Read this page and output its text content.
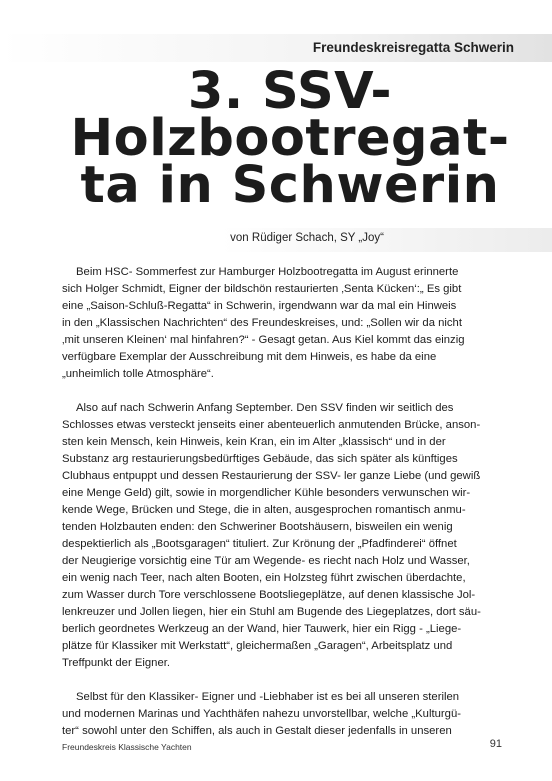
Freundeskreisregatta Schwerin
3. SSV-
Holzbootregat-
ta in Schwerin
von Rüdiger Schach, SY „Joy“

Beim HSC- Sommerfest zur Hamburger Holzbootregatta im August erinnerte
sich Holger Schmidt, Eigner der bildschön restaurierten ‚Senta Kücken‘:„ Es gibt
eine „Saison-Schluß-Regatta“ in Schwerin, irgendwann war da mal ein Hinweis
in den „Klassischen Nachrichten“ des Freundeskreises, und: „Sollen wir da nicht
‚mit unseren Kleinen‘ mal hinfahren?“ - Gesagt getan. Aus Kiel kommt das einzig
verfügbare Exemplar der Ausschreibung mit dem Hinweis, es habe da eine
„unheimlich tolle Atmosphäre“.

Also auf nach Schwerin Anfang September. Den SSV finden wir seitlich des
Schlosses etwas versteckt jenseits einer abenteuerlich anmutenden Brücke, anson-
sten kein Mensch, kein Hinweis, kein Kran, ein im Alter „klassisch“ und in der
Substanz arg restaurierungsbedürftiges Gebäude, das sich später als künftiges
Clubhaus entpuppt und dessen Restaurierung der SSV- ler ganze Liebe (und gewiß
eine Menge Geld) gilt, sowie in morgendlicher Kühle besonders verwunschen wir-
kende Wege, Brücken und Stege, die in alten, ausgesprochen romantisch anmu-
tenden Holzbauten enden: den Schweriner Bootshäusern, bisweilen ein wenig
despektierlich als „Bootsgaragen“ tituliert. Zur Krönung der „Pfadfinderei“ öffnet
der Neugierige vorsichtig eine Tür am Wegende- es riecht nach Holz und Wasser,
ein wenig nach Teer, nach alten Booten, ein Holzsteg führt zwischen überdachte,
zum Wasser durch Tore verschlossene Bootsliegeplätze, auf denen klassische Jol-
lenkreuzer und Jollen liegen, hier ein Stuhl am Bugende des Liegeplatzes, dort säu-
berlich geordnetes Werkzeug an der Wand, hier Tauwerk, hier ein Rigg - „Liege-
plätze für Klassiker mit Werkstatt“, gleichermaßen „Garagen“, Arbeitsplatz und
Treffpunkt der Eigner.

Selbst für den Klassiker- Eigner und -Liebhaber ist es bei all unseren sterilen
und modernen Marinas und Yachthäfen nahezu unvorstellbar, welche „Kulturgü-
ter“ sowohl unter den Schiffen, als auch in Gestalt dieser jedenfalls in unseren

Freundeskreis Klassische Yachten	91
